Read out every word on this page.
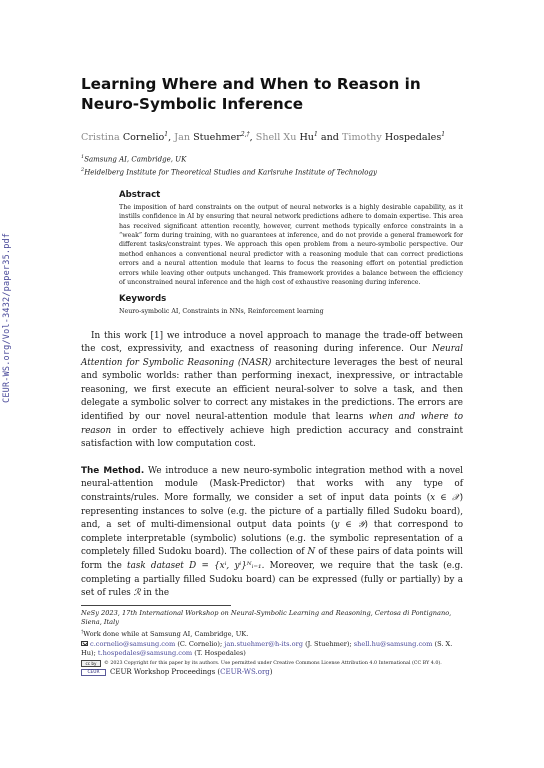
CEUR-WS.org/Vol-3432/paper35.pdf
Learning Where and When to Reason in Neuro-Symbolic Inference
Cristina Cornelio$^1$, Jan Stuehmer$^{2,\dagger}$, Shell Xu Hu$^1$ and Timothy Hospedales$^1$
$^1$Samsung AI, Cambridge, UK
$^2$Heidelberg Institute for Theoretical Studies and Karlsruhe Institute of Technology
Abstract

The imposition of hard constraints on the output of neural networks is a highly desirable capability, as it instills confidence in AI by ensuring that neural network predictions adhere to domain expertise. This area has received significant attention recently, however, current methods typically enforce constraints in a “weak” form during training, with no guarantees at inference, and do not provide a general framework for different tasks/constraint types. We approach this open problem from a neuro-symbolic perspective. Our method enhances a conventional neural predictor with a reasoning module that can correct predictions errors and a neural attention module that learns to focus the reasoning effort on potential prediction errors while leaving other outputs unchanged. This framework provides a balance between the efficiency of unconstrained neural inference and the high cost of exhaustive reasoning during inference.

Keywords

Neuro-symbolic AI, Constraints in NNs, Reinforcement learning

In this work [1] we introduce a novel approach to manage the trade-off between the cost, expressivity, and exactness of reasoning during inference. Our Neural Attention for Symbolic Reasoning (NASR) architecture leverages the best of neural and symbolic worlds: rather than performing inexact, inexpressive, or intractable reasoning, we first execute an efficient neural-solver to solve a task, and then delegate a symbolic solver to correct any mistakes in the predictions. The errors are identified by our novel neural-attention module that learns when and where to reason in order to effectively achieve high prediction accuracy and constraint satisfaction with low computation cost.

The Method. We introduce a new neuro-symbolic integration method with a novel neural-attention module (Mask-Predictor) that works with any type of constraints/rules. More formally, we consider a set of input data points (x ∈ 𝒳) representing instances to solve (e.g. the picture of a partially filled Sudoku board), and, a set of multi-dimensional output data points (y ∈ 𝒴) that correspond to complete interpretable (symbolic) solutions (e.g. the symbolic representation of a completely filled Sudoku board). The collection of N of these pairs of data points will form the task dataset D = {xⁱ, yⁱ}ᴺᵢ₌₁. Moreover, we require that the task (e.g. completing a partially filled Sudoku board) can be expressed (fully or partially) by a set of rules ℛ in the

NeSy 2023, 17th International Workshop on Neural-Symbolic Learning and Reasoning, Certosa di Pontignano, Siena, Italy
†Work done while at Samsung AI, Cambridge, UK.
c.cornelio@samsung.com (C. Cornelio); jan.stuehmer@h-its.org (J. Stuehmer); shell.hu@samsung.com (S. X. Hu); t.hospedales@samsung.com (T. Hospedales)
cc by	© 2023 Copyright for this paper by its authors. Use permitted under Creative Commons License Attribution 4.0 International (CC BY 4.0).
CEUR	CEUR Workshop Proceedings ( CEUR-WS.org )
